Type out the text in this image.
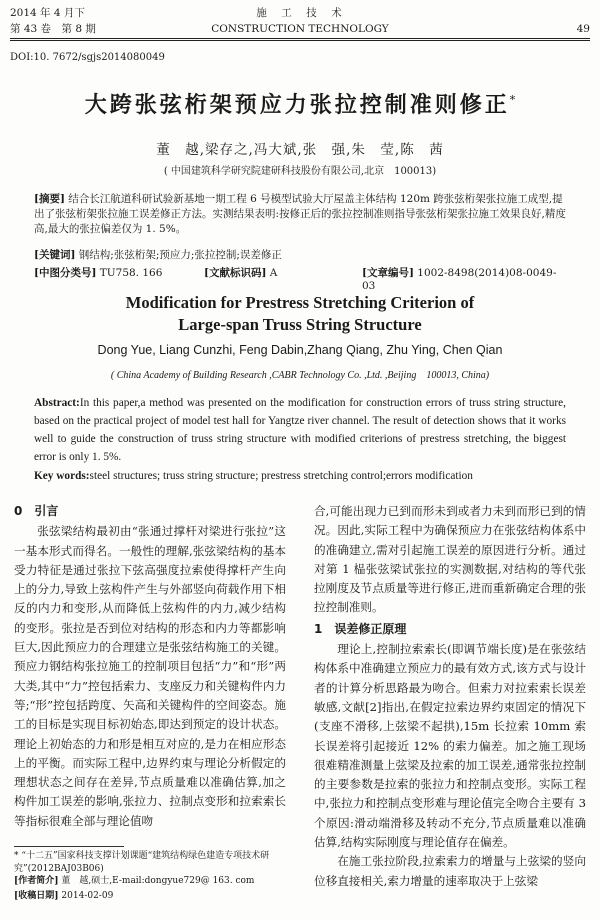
2014 年 4 月下	施　工　技　术
第 43 卷　第 8 期	CONSTRUCTION TECHNOLOGY	49
DOI:10. 7672/sgjs2014080049
大跨张弦桁架预应力张拉控制准则修正*
董　越,梁存之,冯大斌,张　强,朱　莹,陈　茜
( 中国建筑科学研究院建研科技股份有限公司,北京　100013)
[摘要] 结合长江航道科研试验新基地一期工程 6 号模型试验大厅屋盖主体结构 120m 跨张弦桁架张拉施工成型,提出了张弦桁架张拉施工误差修正方法。实测结果表明:按修正后的张拉控制准则指导张弦桁架张拉施工效果良好,精度高,最大的张拉偏差仅为 1. 5%。
[关键词] 钢结构;张弦桁架;预应力;张拉控制;误差修正
[中图分类号] TU758. 166	[文献标识码] A	[文章编号] 1002-8498(2014)08-0049-03
Modification for Prestress Stretching Criterion of
Large-span Truss String Structure
Dong Yue, Liang Cunzhi, Feng Dabin,Zhang Qiang, Zhu Ying, Chen Qian
( China Academy of Building Research ,CABR Technology Co. ,Ltd. ,Beijing　100013, China)
Abstract:In this paper,a method was presented on the modification for construction errors of truss string structure, based on the practical project of model test hall for Yangtze river channel. The result of detection shows that it works well to guide the construction of truss string structure with modified criterions of prestress stretching, the biggest error is only 1. 5%.
Key words:steel structures; truss string structure; prestress stretching control;errors modification
0　引言

张弦梁结构最初由“张通过撑杆对梁进行张拉”这一基本形式而得名。一般性的理解,张弦梁结构的基本受力特征是通过张拉下弦高强度拉索使得撑杆产生向上的分力,导致上弦构件产生与外部竖向荷载作用下相反的内力和变形,从而降低上弦构件的内力,减少结构的变形。张拉是否到位对结构的形态和内力等都影响巨大,因此预应力的合理建立是张弦结构施工的关键。预应力钢结构张拉施工的控制项目包括“力”和“形”两大类,其中“力”控包括索力、支座反力和关键构件内力等;“形”控包括跨度、矢高和关键构件的空间姿态。施工的目标是实现目标初始态,即达到预定的设计状态。理论上初始态的力和形是相互对应的,是力在相应形态上的平衡。而实际工程中,边界约束与理论分析假定的理想状态之间存在差异,节点质量难以准确估算,加之构件加工误差的影响,张拉力、拉制点变形和拉索索长等指标很难全部与理论值吻

合,可能出现力已到而形未到或者力未到而形已到的情况。因此,实际工程中为确保预应力在张弦结构体系中的准确建立,需对引起施工误差的原因进行分析。通过对第 1 榀张弦梁试张拉的实测数据,对结构的等代张拉刚度及节点质量等进行修正,进而重新确定合理的张拉控制准则。

1　误差修正原理

理论上,控制拉索索长(即调节端长度)是在张弦结构体系中准确建立预应力的最有效方式,该方式与设计者的计算分析思路最为吻合。但索力对拉索索长误差敏感,文献[2]指出,在假定拉索边界约束固定的情况下(支座不滑移,上弦梁不起拱),15m 长拉索 10mm 索长误差将引起接近 12% 的索力偏差。加之施工现场很难精准测量上弦梁及拉索的加工误差,通常张拉控制的主要参数是拉索的张拉力和控制点变形。实际工程中,张拉力和控制点变形难与理论值完全吻合主要有 3 个原因:滑动端滑移及转动不充分,节点质量难以准确估算,结构实际刚度与理论值存在偏差。

在施工张拉阶段,拉索索力的增量与上弦梁的竖向位移直接相关,索力增量的速率取决于上弦梁

* “十二五”国家科技支撑计划课题“建筑结构绿色建造专项技术研究”(2012BAJ03B06)
[作者简介] 董　越,硕士,E-mail:dongyue729@ 163. com
[收稿日期] 2014-02-09
